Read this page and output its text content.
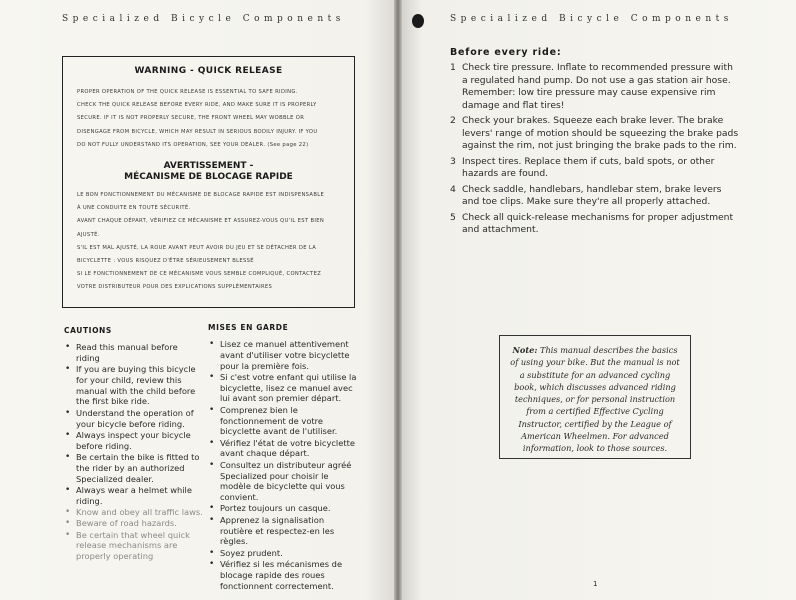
Specialized Bicycle Components
WARNING - QUICK RELEASE
PROPER OPERATION OF THE QUICK RELEASE IS ESSENTIAL TO SAFE RIDING.
CHECK THE QUICK RELEASE BEFORE EVERY RIDE, AND MAKE SURE IT IS PROPERLY
SECURE. IF IT IS NOT PROPERLY SECURE, THE FRONT WHEEL MAY WOBBLE OR
DISENGAGE FROM BICYCLE, WHICH MAY RESULT IN SERIOUS BODILY INJURY. IF YOU
DO NOT FULLY UNDERSTAND ITS OPERATION, SEE YOUR DEALER. (See page 22)
AVERTISSEMENT -
MÉCANISME DE BLOCAGE RAPIDE
LE BON FONCTIONNEMENT DU MÉCANISME DE BLOCAGE RAPIDE EST INDISPENSABLE
À UNE CONDUITE EN TOUTE SÉCURITÉ.
AVANT CHAQUE DÉPART, VÉRIFIEZ CE MÉCANISME ET ASSUREZ-VOUS QU'IL EST BIEN
AJUSTÉ.
S'IL EST MAL AJUSTÉ, LA ROUE AVANT PEUT AVOIR DU JEU ET SE DÉTACHER DE LA
BICYCLETTE : VOUS RISQUEZ D'ÊTRE SÉRIEUSEMENT BLESSÉ
SI LE FONCTIONNEMENT DE CE MÉCANISME VOUS SEMBLE COMPLIQUÉ, CONTACTEZ
VOTRE DISTRIBUTEUR POUR DES EXPLICATIONS SUPPLÉMENTAIRES
CAUTIONS
• Read this manual before riding
• If you are buying this bicycle for your child, review this manual with the child before the first bike ride.
• Understand the operation of your bicycle before riding.
• Always inspect your bicycle before riding.
• Be certain the bike is fitted to the rider by an authorized Specialized dealer.
• Always wear a helmet while riding.
• Know and obey all traffic laws.
• Beware of road hazards.
• Be certain that wheel quick release mechanisms are properly operating
MISES EN GARDE
• Lisez ce manuel attentivement avant d'utiliser votre bicyclette pour la première fois.
• Si c'est votre enfant qui utilise la bicyclette, lisez ce manuel avec lui avant son premier départ.
• Comprenez bien le fonctionnement de votre bicyclette avant de l'utiliser.
• Vérifiez l'état de votre bicyclette avant chaque départ.
• Consultez un distributeur agréé Specialized pour choisir le modèle de bicyclette qui vous convient.
• Portez toujours un casque.
• Apprenez la signalisation routière et respectez-en les règles.
• Soyez prudent.
• Vérifiez si les mécanismes de blocage rapide des roues fonctionnent correctement.
Specialized Bicycle Components
Before every ride:
1 Check tire pressure. Inflate to recommended pressure with a regulated hand pump. Do not use a gas station air hose. Remember: low tire pressure may cause expensive rim damage and flat tires!
2 Check your brakes. Squeeze each brake lever. The brake levers' range of motion should be squeezing the brake pads against the rim, not just bringing the brake pads to the rim.
3 Inspect tires. Replace them if cuts, bald spots, or other hazards are found.
4 Check saddle, handlebars, handlebar stem, brake levers and toe clips. Make sure they're all properly attached.
5 Check all quick-release mechanisms for proper adjustment and attachment.
Note: This manual describes the basics of using your bike. But the manual is not a substitute for an advanced cycling book, which discusses advanced riding techniques, or for personal instruction from a certified Effective Cycling Instructor, certified by the League of American Wheelmen. For advanced information, look to those sources.
1
